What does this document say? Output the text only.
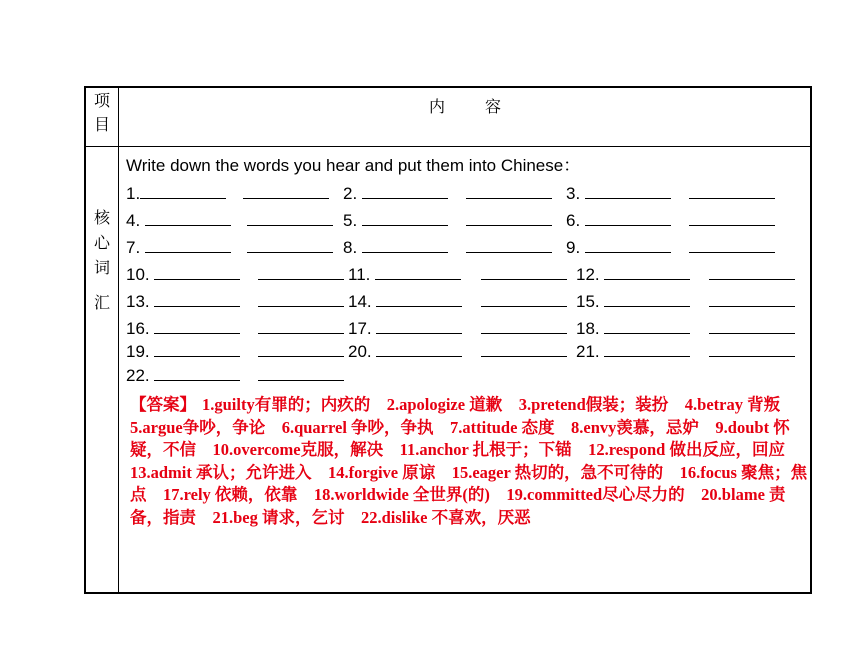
项
目
内	容
核
心
词
汇
Write down the words you hear and put them into Chinese：
1.	2.	3.
4.	5.	6.
7.	8.	9.
10.	11.	12.
13.	14.	15.
16.	17.	18.
19.	20.	21.
22.
【答案】 1.guilty有罪的；内疚的　2.apologize 道歉　3.pretend假装；装扮　4.betray 背叛　5.argue争吵，争论　6.quarrel 争吵，争执　7.attitude 态度　8.envy羡慕，忌妒　9.doubt 怀疑，不信　10.overcome克服，解决　11.anchor 扎根于；下锚　12.respond 做出反应，回应　13.admit 承认；允许进入　14.forgive 原谅　15.eager 热切的，急不可待的　16.focus 聚焦；焦点　17.rely 依赖，依靠　18.worldwide 全世界(的)　19.committed尽心尽力的　20.blame 责备，指责　21.beg 请求，乞讨　22.dislike 不喜欢，厌恶
